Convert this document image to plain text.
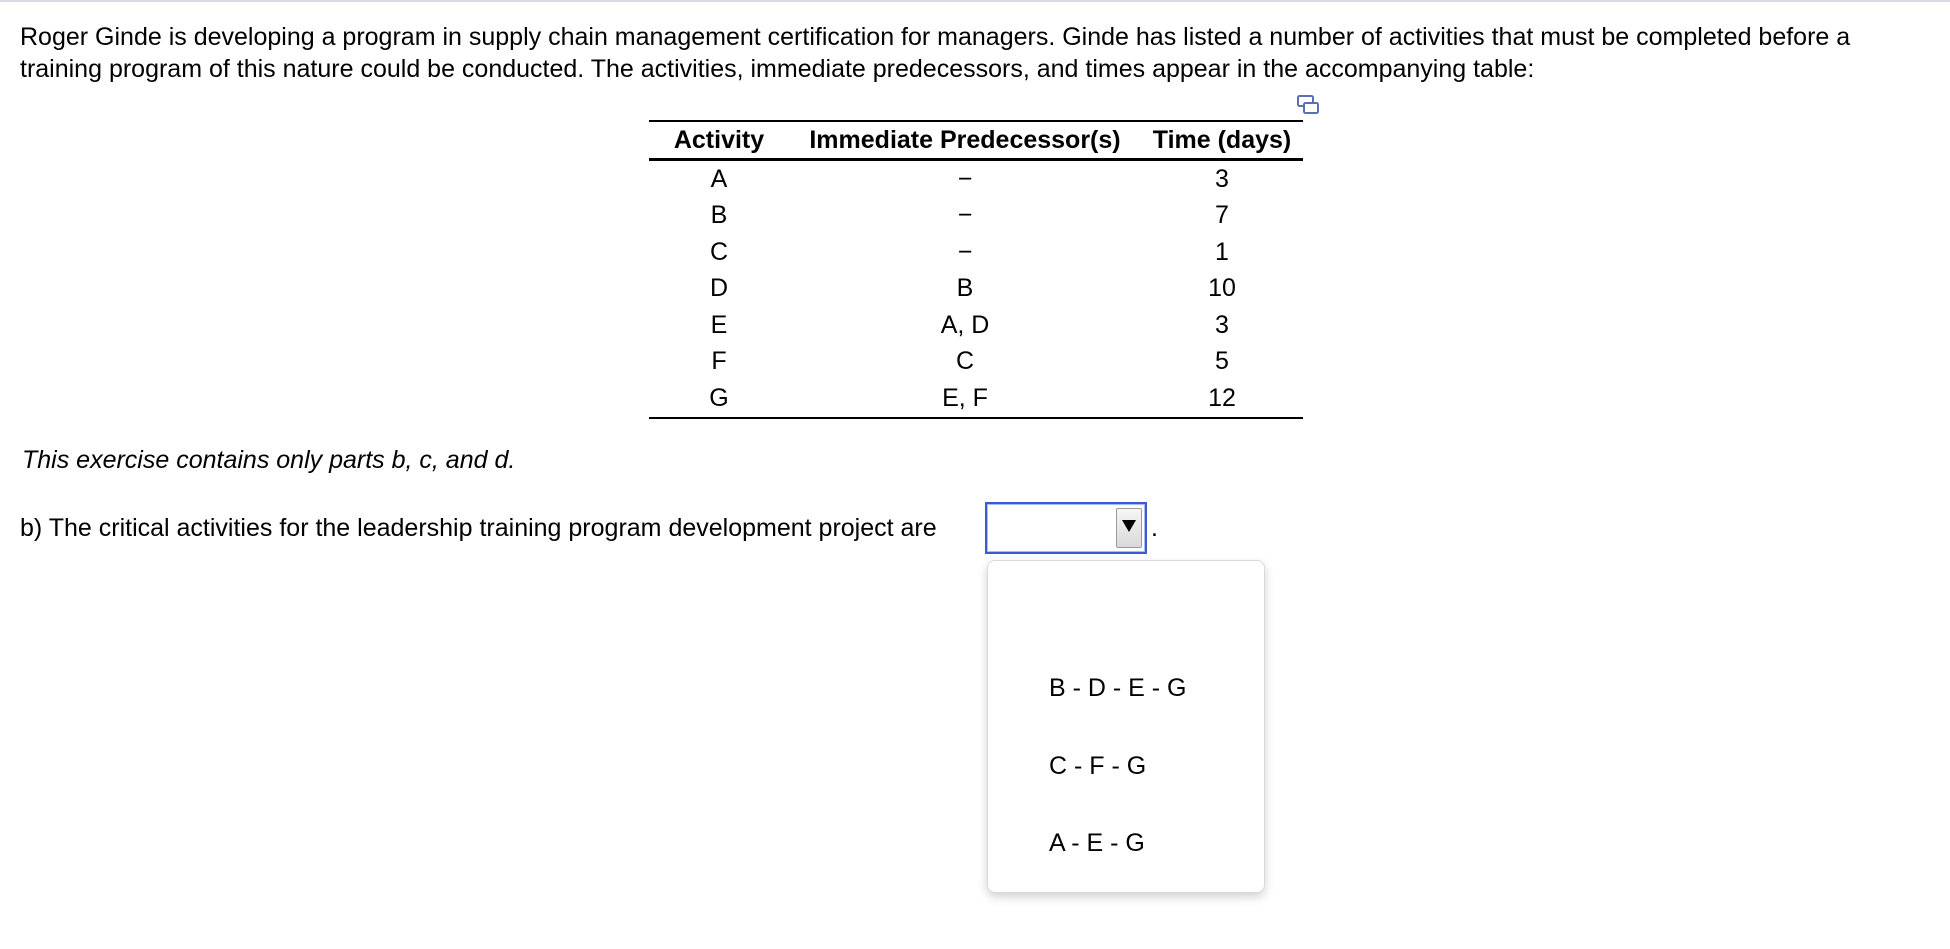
Roger Ginde is developing a program in supply chain management certification for managers. Ginde has listed a number of activities that must be completed before a training program of this nature could be conducted. The activities, immediate predecessors, and times appear in the accompanying table:

Activity	Immediate Predecessor(s)	Time (days)
A	−	3
B	−	7
C	−	1
D	B	10
E	A, D	3
F	C	5
G	E, F	12

This exercise contains only parts b, c, and d.

b) The critical activities for the leadership training program development project are	.
B - D - E - G
C - F - G
A - E - G
